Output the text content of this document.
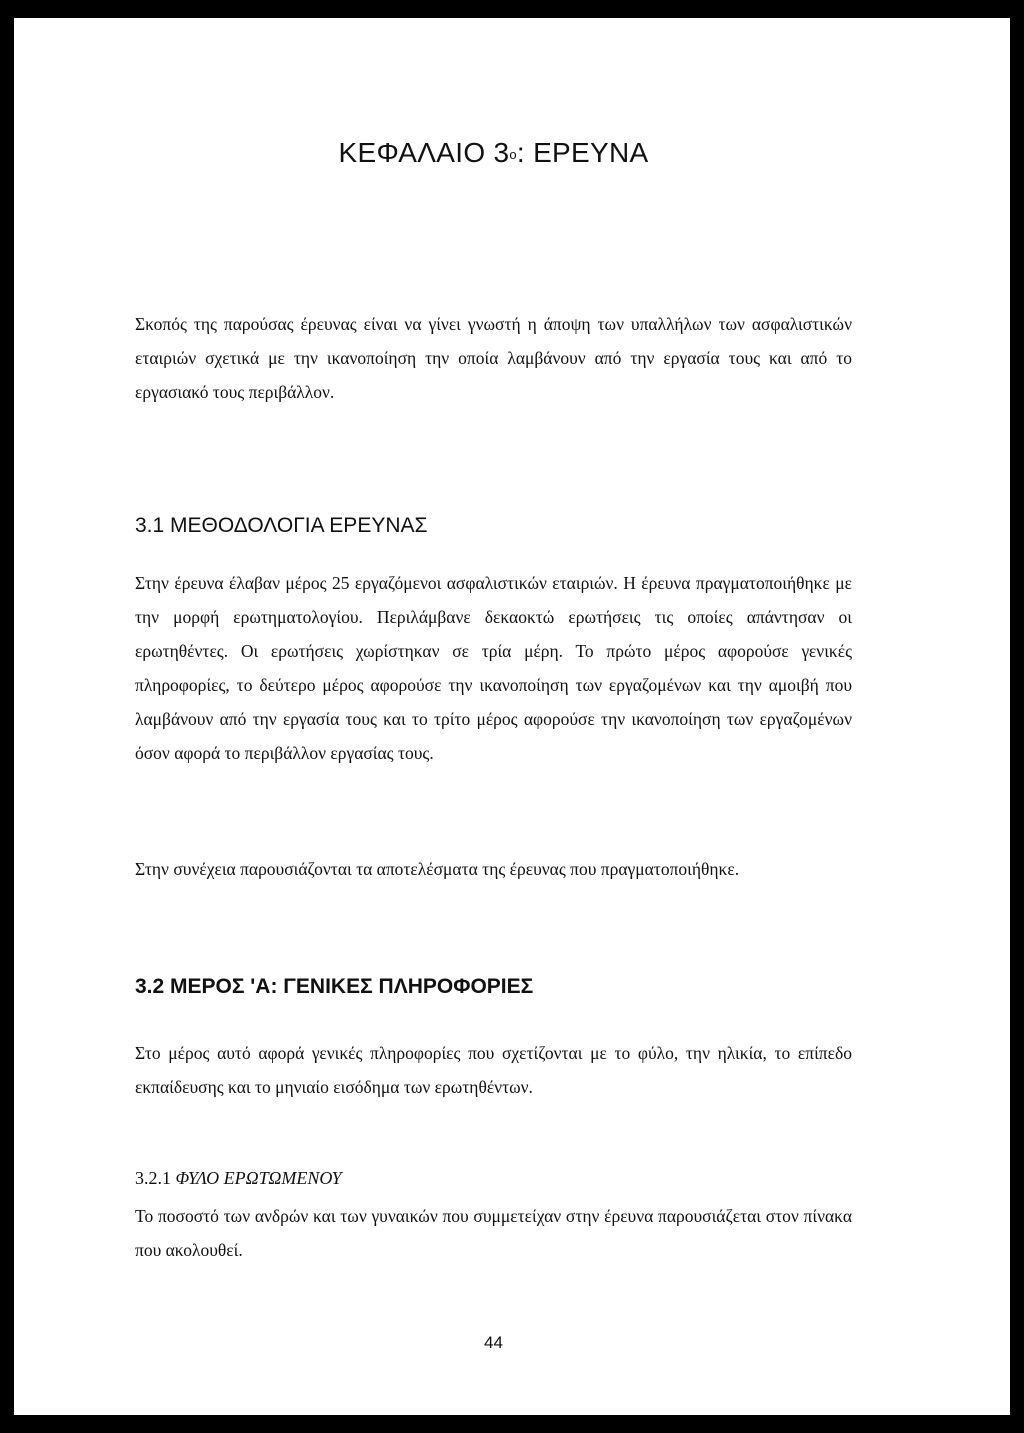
ΚΕΦΑΛΑΙΟ $3^o$: ΕΡΕΥΝΑ

Σκοπός της παρούσας έρευνας είναι να γίνει γνωστή η άποψη των υπαλλήλων των ασφαλιστικών εταιριών σχετικά με την ικανοποίηση την οποία λαμβάνουν από την εργασία τους και από το εργασιακό τους περιβάλλον.

3.1 ΜΕΘΟΔΟΛΟΓΙΑ ΕΡΕΥΝΑΣ

Στην έρευνα έλαβαν μέρος 25 εργαζόμενοι ασφαλιστικών εταιριών. Η έρευνα πραγματοποιήθηκε με την μορφή ερωτηματολογίου. Περιλάμβανε δεκαοκτώ ερωτήσεις τις οποίες απάντησαν οι ερωτηθέντες. Οι ερωτήσεις χωρίστηκαν σε τρία μέρη. Το πρώτο μέρος αφορούσε γενικές πληροφορίες, το δεύτερο μέρος αφορούσε την ικανοποίηση των εργαζομένων και την αμοιβή που λαμβάνουν από την εργασία τους και το τρίτο μέρος αφορούσε την ικανοποίηση των εργαζομένων όσον αφορά το περιβάλλον εργασίας τους.

Στην συνέχεια παρουσιάζονται τα αποτελέσματα της έρευνας που πραγματοποιήθηκε.

3.2 ΜΕΡΟΣ 'Α: ΓΕΝΙΚΕΣ ΠΛΗΡΟΦΟΡΙΕΣ

Στο μέρος αυτό αφορά γενικές πληροφορίες που σχετίζονται με το φύλο, την ηλικία, το επίπεδο εκπαίδευσης και το μηνιαίο εισόδημα των ερωτηθέντων.

3.2.1 ΦΥΛΟ ΕΡΩΤΩΜΕΝΟΥ

Το ποσοστό των ανδρών και των γυναικών που συμμετείχαν στην έρευνα παρουσιάζεται στον πίνακα που ακολουθεί.

44
